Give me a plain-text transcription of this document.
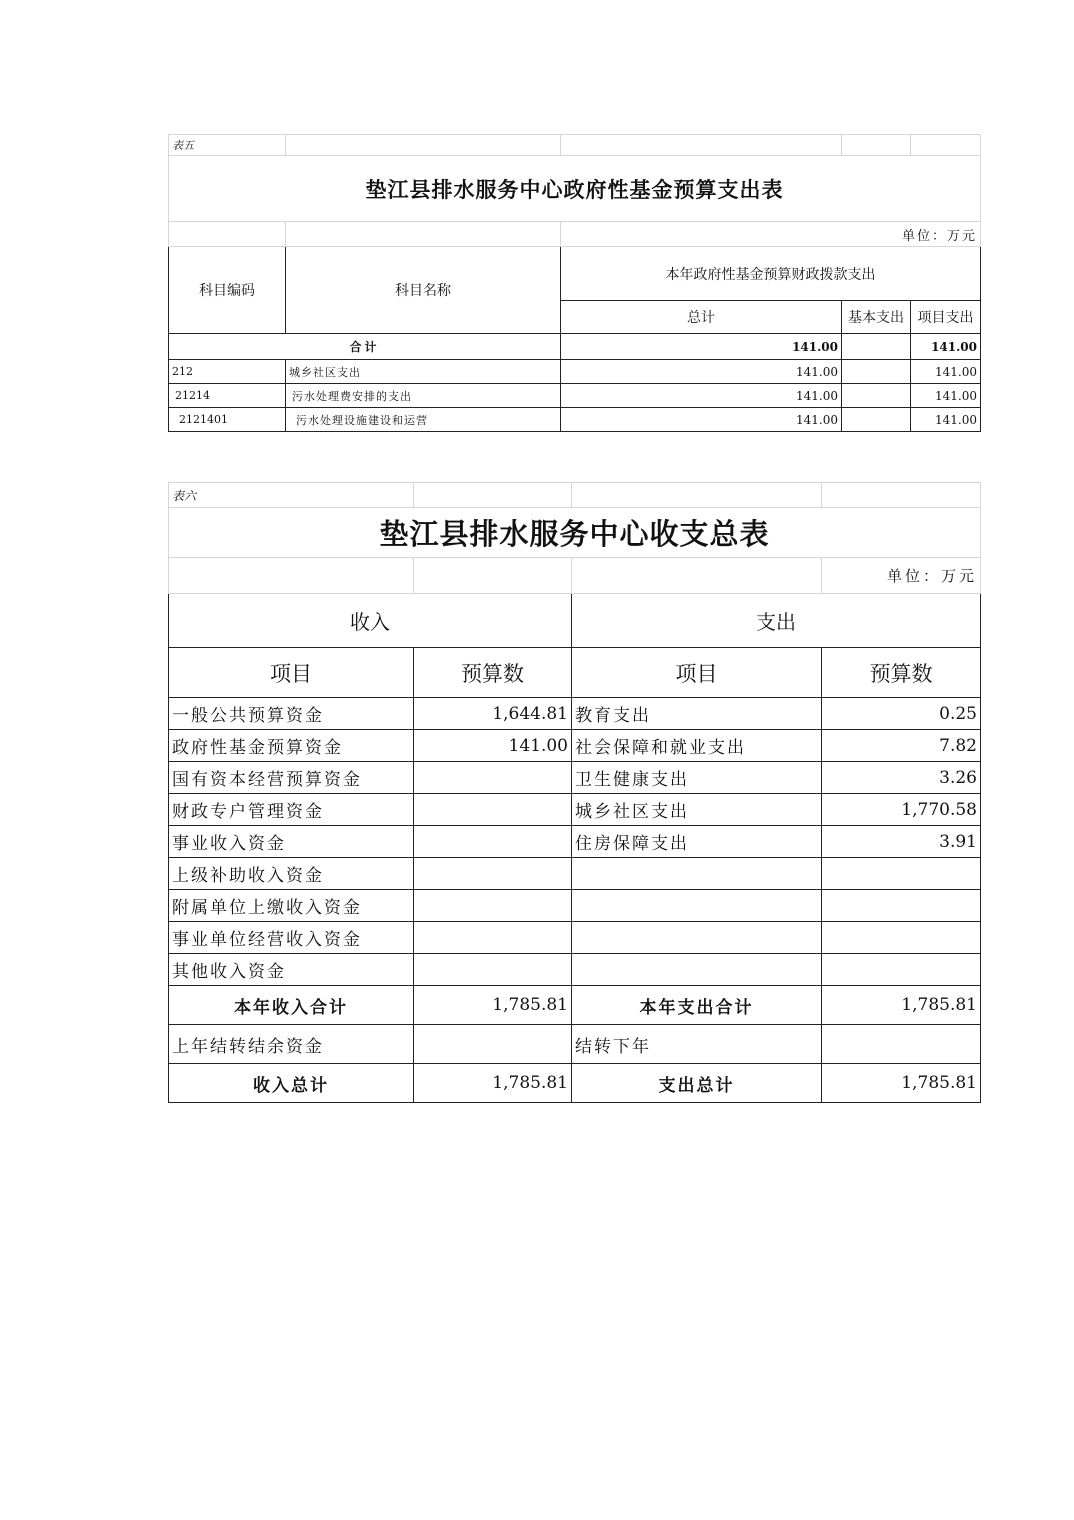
表五				
垫江县排水服务中心政府性基金预算支出表				
		单位：万元		
科目编码	科目名称	本年政府性基金预算财政拨款支出		
		总计	基本支出	项目支出
合计		141.00		141.00
212	城乡社区支出	141.00		141.00
21214	污水处理费安排的支出	141.00		141.00
2121401	污水处理设施建设和运营	141.00		141.00
表六			
垫江县排水服务中心收支总表			
			单位：万元
收入		支出	
项目	预算数	项目	预算数
一般公共预算资金	1,644.81	教育支出	0.25
政府性基金预算资金	141.00	社会保障和就业支出	7.82
国有资本经营预算资金		卫生健康支出	3.26
财政专户管理资金		城乡社区支出	1,770.58
事业收入资金		住房保障支出	3.91
上级补助收入资金			
附属单位上缴收入资金			
事业单位经营收入资金			
其他收入资金			
本年收入合计	1,785.81	本年支出合计	1,785.81
上年结转结余资金		结转下年	
收入总计	1,785.81	支出总计	1,785.81
